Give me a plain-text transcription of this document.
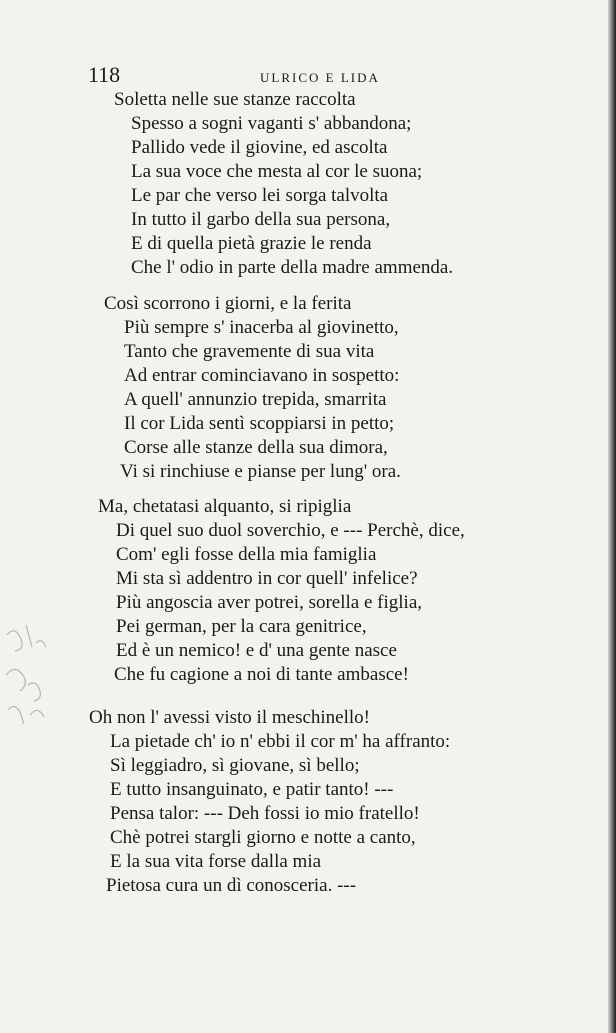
118	ULRICO E LIDA
Soletta nelle sue stanze raccolta
Spesso a sogni vaganti s' abbandona;
Pallido vede il giovine, ed ascolta
La sua voce che mesta al cor le suona;
Le par che verso lei sorga talvolta
In tutto il garbo della sua persona,
E di quella pietà grazie le renda
Che l' odio in parte della madre ammenda.
Così scorrono i giorni, e la ferita
Più sempre s' inacerba al giovinetto,
Tanto che gravemente di sua vita
Ad entrar cominciavano in sospetto:
A quell' annunzio trepida, smarrita
Il cor Lida sentì scoppiarsi in petto;
Corse alle stanze della sua dimora,
Vi si rinchiuse e pianse per lung' ora.
Ma, chetatasi alquanto, si ripiglia
Di quel suo duol soverchio, e --- Perchè, dice,
Com' egli fosse della mia famiglia
Mi sta sì addentro in cor quell' infelice?
Più angoscia aver potrei, sorella e figlia,
Pei german, per la cara genitrice,
Ed è un nemico! e d' una gente nasce
Che fu cagione a noi di tante ambasce!
Oh non l' avessi visto il meschinello!
La pietade ch' io n' ebbi il cor m' ha affranto:
Sì leggiadro, sì giovane, sì bello;
E tutto insanguinato, e patir tanto! ---
Pensa talor: --- Deh fossi io mio fratello!
Chè potrei stargli giorno e notte a canto,
E la sua vita forse dalla mia
Pietosa cura un dì conosceria. ---
